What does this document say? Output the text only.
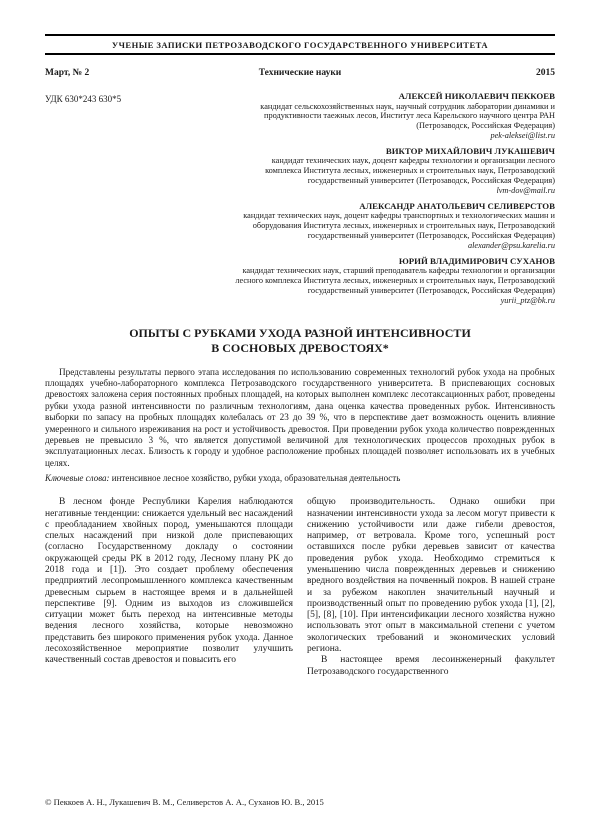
УЧЕНЫЕ ЗАПИСКИ ПЕТРОЗАВОДСКОГО ГОСУДАРСТВЕННОГО УНИВЕРСИТЕТА
Март, № 2	Технические науки	2015
УДК 630*243 630*5	АЛЕКСЕЙ НИКОЛАЕВИЧ ПЕККОЕВ
кандидат сельскохозяйственных наук, научный сотрудник лаборатории динамики и продуктивности таежных лесов, Институт леса Карельского научного центра РАН (Петрозаводск, Российская Федерация)
pek-aleksei@list.ru
ВИКТОР МИХАЙЛОВИЧ ЛУКАШЕВИЧ
кандидат технических наук, доцент кафедры технологии и организации лесного комплекса Института лесных, инженерных и строительных наук, Петрозаводский государственный университет (Петрозаводск, Российская Федерация)
lvm-dov@mail.ru
АЛЕКСАНДР АНАТОЛЬЕВИЧ СЕЛИВЕРСТОВ
кандидат технических наук, доцент кафедры транспортных и технологических машин и оборудования Института лесных, инженерных и строительных наук, Петрозаводский государственный университет (Петрозаводск, Российская Федерация)
alexander@psu.karelia.ru
ЮРИЙ ВЛАДИМИРОВИЧ СУХАНОВ
кандидат технических наук, старший преподаватель кафедры технологии и организации лесного комплекса Института лесных, инженерных и строительных наук, Петрозаводский государственный университет (Петрозаводск, Российская Федерация)
yurii_ptz@bk.ru
ОПЫТЫ С РУБКАМИ УХОДА РАЗНОЙ ИНТЕНСИВНОСТИ
В СОСНОВЫХ ДРЕВОСТОЯХ*
Представлены результаты первого этапа исследования по использованию современных технологий рубок ухода на пробных площадях учебно-лабораторного комплекса Петрозаводского государственного университета. В приспевающих сосновых древостоях заложена серия постоянных пробных площадей, на которых выполнен комплекс лесотаксационных работ, проведены рубки ухода разной интенсивности по различным технологиям, дана оценка качества проведенных рубок. Интенсивность выборки по запасу на пробных площадях колебалась от 23 до 39 %, что в перспективе дает возможность оценить влияние умеренного и сильного изреживания на рост и устойчивость древостоя. При проведении рубок ухода количество поврежденных деревьев не превысило 3 %, что является допустимой величиной для технологических процессов проходных рубок в эксплуатационных лесах. Близость к городу и удобное расположение пробных площадей позволяет использовать их в учебных целях.
Ключевые слова: интенсивное лесное хозяйство, рубки ухода, образовательная деятельность

В лесном фонде Республики Карелия наблюдаются негативные тенденции: снижается удельный вес насаждений с преобладанием хвойных пород, уменьшаются площади спелых насаждений при низкой доле приспевающих (согласно Государственному докладу о состоянии окружающей среды РК в 2012 году, Лесному плану РК до 2018 года и [1]). Это создает проблему обеспечения предприятий лесопромышленного комплекса качественным древесным сырьем в настоящее время и в дальнейшей перспективе [9]. Одним из выходов из сложившейся ситуации может быть переход на интенсивные методы ведения лесного хозяйства, которые невозможно представить без широкого применения рубок ухода. Данное лесохозяйственное мероприятие позволит улучшить качественный состав древостоя и повысить его

общую производительность. Однако ошибки при назначении интенсивности ухода за лесом могут привести к снижению устойчивости или даже гибели древостоя, например, от ветровала. Кроме того, успешный рост оставшихся после рубки деревьев зависит от качества проведения рубок ухода. Необходимо стремиться к уменьшению числа поврежденных деревьев и снижению вредного воздействия на почвенный покров. В нашей стране и за рубежом накоплен значительный научный и производственный опыт по проведению рубок ухода [1], [2], [5], [8], [10]. При интенсификации лесного хозяйства нужно использовать этот опыт в максимальной степени с учетом экологических требований и экономических условий региона.

В настоящее время лесоинженерный факультет Петрозаводского государственного

© Пеккоев А. Н., Лукашевич В. М., Селиверстов А. А., Суханов Ю. В., 2015
